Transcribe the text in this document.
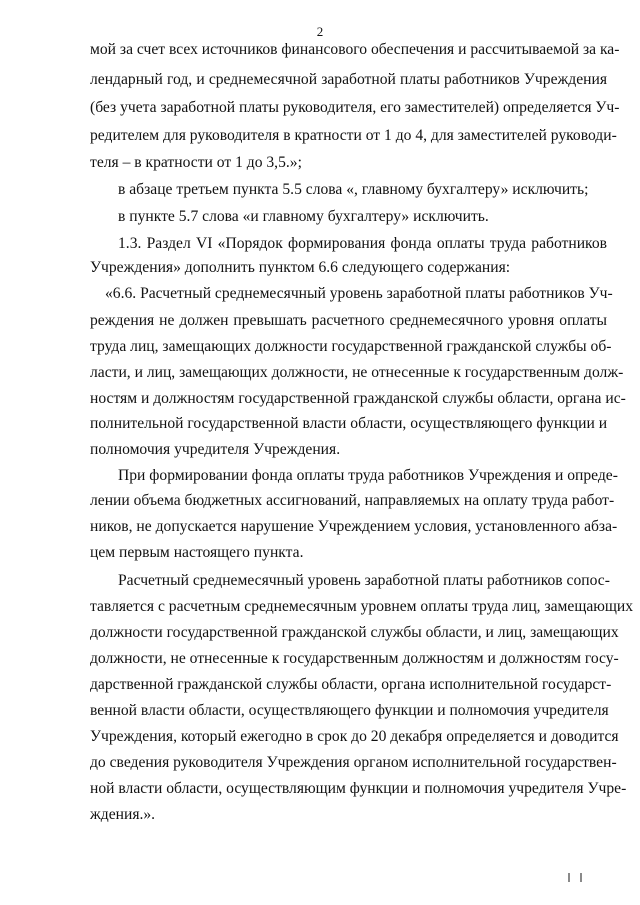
2
мой за счет всех источников финансового обеспечения и рассчитываемой за ка-
лендарный год, и среднемесячной заработной платы работников Учреждения
(без учета заработной платы руководителя, его заместителей) определяется Уч-
редителем для руководителя в кратности от 1 до 4, для заместителей руководи-
теля – в кратности от 1 до 3,5.»;
в абзаце третьем пункта 5.5 слова «, главному бухгалтеру» исключить;
в пункте 5.7 слова «и главному бухгалтеру» исключить.
1.3. Раздел VI «Порядок формирования фонда оплаты труда работников
Учреждения» дополнить пунктом 6.6 следующего содержания:
«6.6. Расчетный среднемесячный уровень заработной платы работников Уч-
реждения не должен превышать расчетного среднемесячного уровня оплаты
труда лиц, замещающих должности государственной гражданской службы об-
ласти, и лиц, замещающих должности, не отнесенные к государственным долж-
ностям и должностям государственной гражданской службы области, органа ис-
полнительной государственной власти области, осуществляющего функции и
полномочия учредителя Учреждения.
При формировании фонда оплаты труда работников Учреждения и опреде-
лении объема бюджетных ассигнований, направляемых на оплату труда работ-
ников, не допускается нарушение Учреждением условия, установленного абза-
цем первым настоящего пункта.
Расчетный среднемесячный уровень заработной платы работников сопос-
тавляется с расчетным среднемесячным уровнем оплаты труда лиц, замещающих
должности государственной гражданской службы области, и лиц, замещающих
должности, не отнесенные к государственным должностям и должностям госу-
дарственной гражданской службы области, органа исполнительной государст-
венной власти области, осуществляющего функции и полномочия учредителя
Учреждения, который ежегодно в срок до 20 декабря определяется и доводится
до сведения руководителя Учреждения органом исполнительной государствен-
ной власти области, осуществляющим функции и полномочия учредителя Учре-
ждения.».
